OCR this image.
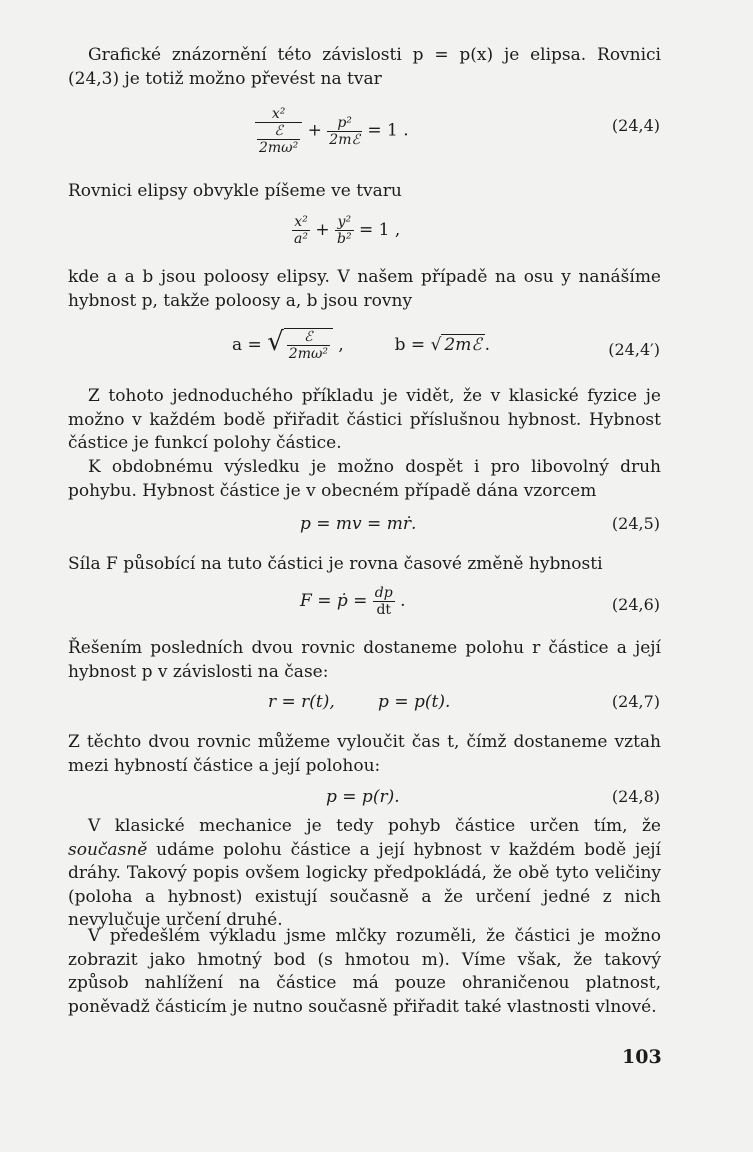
Grafické znázornění této závislosti p = p(x) je elipsa. Rovnici (24,3) je totiž možno převést na tvar

$\frac{\text{x²}}{\frac{\text{ℰ}}{\text{2mω²}}} + \frac{\text{p²}}{\text{2mℰ}} = 1$ .	(24,4)

Rovnici elipsy obvykle píšeme ve tvaru

$\frac{\text{x²}}{\text{a²}} + \frac{\text{y²}}{\text{b²}} = 1$ ,

kde a a b jsou poloosy elipsy. V našem případě na osu y nanášíme hybnost p, takže poloosy a, b jsou rovny

a = √ $\frac{\text{ℰ}}{\text{2mω²}}$ ,	b = √ 2mℰ .	(24,4′)

Z tohoto jednoduchého příkladu je vidět, že v klasické fyzice je možno v každém bodě přiřadit částici příslušnou hybnost. Hybnost částice je funkcí polohy částice.

K obdobnému výsledku je možno dospět i pro libovolný druh pohybu. Hybnost částice je v obecném případě dána vzorcem

p = mv = mṙ.	(24,5)

Síla F působící na tuto částici je rovna časové změně hybnosti

F = ṗ = $\frac{dp}{dt}$ .	(24,6)

Řešením posledních dvou rovnic dostaneme polohu r částice a její hybnost p v závislosti na čase:

r = r(t),        p = p(t).	(24,7)

Z těchto dvou rovnic můžeme vyloučit čas t, čímž dostaneme vztah mezi hybností částice a její polohou:

p = p(r).	(24,8)

V klasické mechanice je tedy pohyb částice určen tím, že současně udáme polohu částice a její hybnost v každém bodě její dráhy. Takový popis ovšem logicky předpokládá, že obě tyto veličiny (poloha a hybnost) existují současně a že určení jedné z nich nevylučuje určení druhé.

V předešlém výkladu jsme mlčky rozuměli, že částici je možno zobrazit jako hmotný bod (s hmotou m). Víme však, že takový způsob nahlížení na částice má pouze ohraničenou platnost, poněvadž částicím je nutno současně přiřadit také vlastnosti vlnové.

103
